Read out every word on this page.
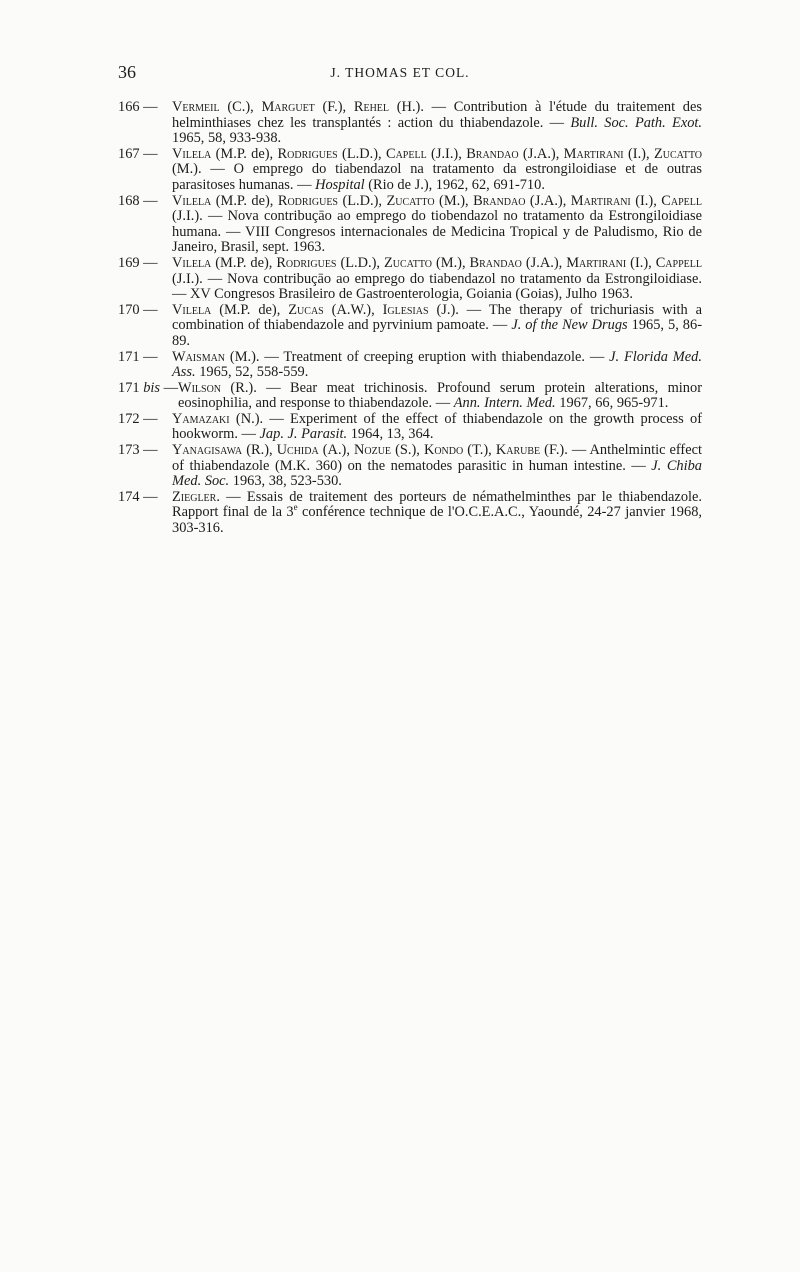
36	J. THOMAS ET COL.
166 —	Vermeil (C.), Marguet (F.), Rehel (H.). — Contribution à l'étude du traitement des helminthiases chez les transplantés : action du thiabendazole. — Bull. Soc. Path. Exot. 1965, 58, 933-938.
167 —	Vilela (M.P. de), Rodrigues (L.D.), Capell (J.I.), Brandao (J.A.), Martirani (I.), Zucatto (M.). — O emprego do tiabendazol na tratamento da estrongiloidiase et de outras parasitoses humanas. — Hospital (Rio de J.), 1962, 62, 691-710.
168 —	Vilela (M.P. de), Rodrigues (L.D.), Zucatto (M.), Brandao (J.A.), Martirani (I.), Capell (J.I.). — Nova contribuçāo ao emprego do tiobendazol no tratamento da Estrongiloidiase humana. — VIII Congresos internacionales de Medicina Tropical y de Paludismo, Rio de Janeiro, Brasil, sept. 1963.
169 —	Vilela (M.P. de), Rodrigues (L.D.), Zucatto (M.), Brandao (J.A.), Martirani (I.), Cappell (J.I.). — Nova contribuçāo ao emprego do tiabendazol no tratamento da Estrongiloidiase. — XV Congresos Brasileiro de Gastroenterologia, Goiania (Goias), Julho 1963.
170 —	Vilela (M.P. de), Zucas (A.W.), Iglesias (J.). — The therapy of trichuriasis with a combination of thiabendazole and pyrvinium pamoate. — J. of the New Drugs 1965, 5, 86-89.
171 —	Waisman (M.). — Treatment of creeping eruption with thiabendazole. — J. Florida Med. Ass. 1965, 52, 558-559.
171 bis — Wilson (R.). — Bear meat trichinosis. Profound serum protein alterations, minor eosinophilia, and response to thiabendazole. — Ann. Intern. Med. 1967, 66, 965-971.
172 —	Yamazaki (N.). — Experiment of the effect of thiabendazole on the growth process of hookworm. — Jap. J. Parasit. 1964, 13, 364.
173 —	Yanagisawa (R.), Uchida (A.), Nozue (S.), Kondo (T.), Karube (F.). — Anthelmintic effect of thiabendazole (M.K. 360) on the nematodes parasitic in human intestine. — J. Chiba Med. Soc. 1963, 38, 523-530.
174 —	Ziegler. — Essais de traitement des porteurs de némathelminthes par le thiabendazole. Rapport final de la 3e conférence technique de l'O.C.E.A.C., Yaoundé, 24-27 janvier 1968, 303-316.
